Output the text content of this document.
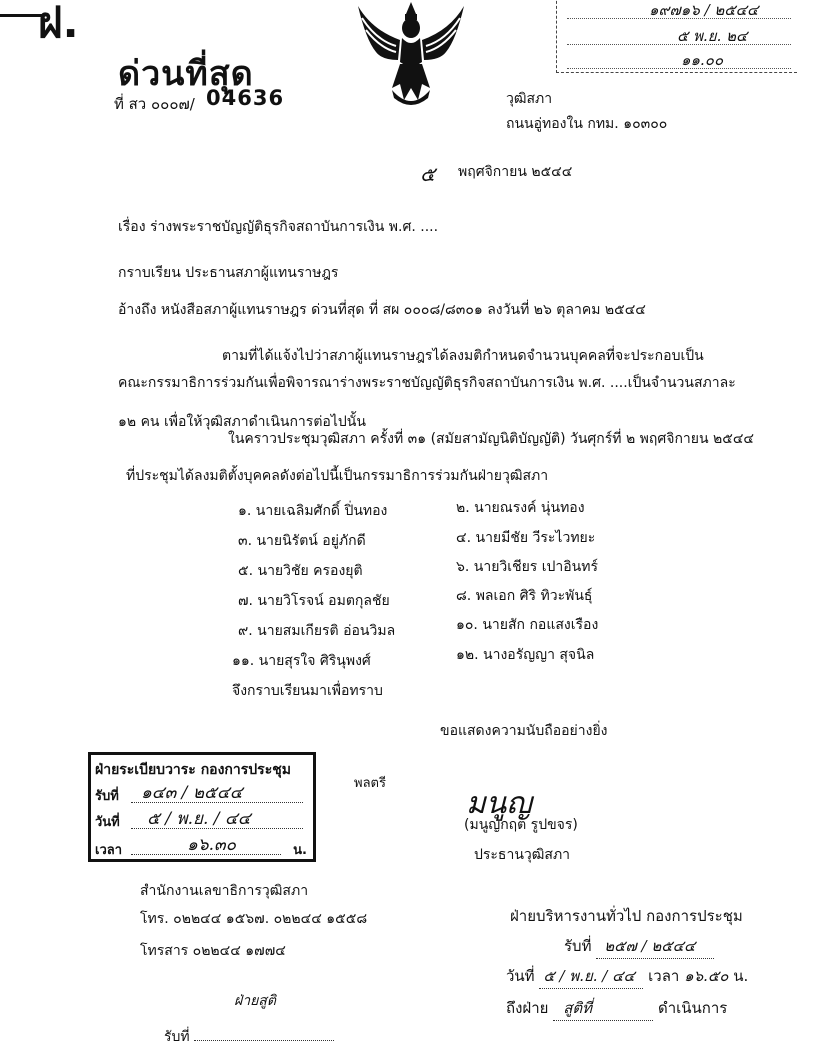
ฝ.
ด่วนที่สุด
ที่ สว ๐๐๐๗/ 04636
๑๙๗๑๖ / ๒๕๔๔
๕ พ.ย. ๒๔
๑๑.๐๐
วุฒิสภา
ถนนอู่ทองใน กทม. ๑๐๓๐๐
๕ พฤศจิกายน ๒๕๔๔
เรื่อง ร่างพระราชบัญญัติธุรกิจสถาบันการเงิน พ.ศ. ....
กราบเรียน ประธานสภาผู้แทนราษฎร
อ้างถึง หนังสือสภาผู้แทนราษฎร ด่วนที่สุด ที่ สผ ๐๐๐๘/๘๓๐๑ ลงวันที่ ๒๖ ตุลาคม ๒๕๔๔
ตามที่ได้แจ้งไปว่าสภาผู้แทนราษฎรได้ลงมติกำหนดจำนวนบุคคลที่จะประกอบเป็น
คณะกรรมาธิการร่วมกันเพื่อพิจารณาร่างพระราชบัญญัติธุรกิจสถาบันการเงิน พ.ศ. ....เป็นจำนวนสภาละ
๑๒ คน เพื่อให้วุฒิสภาดำเนินการต่อไปนั้น
ในคราวประชุมวุฒิสภา ครั้งที่ ๓๑ (สมัยสามัญนิติบัญญัติ) วันศุกร์ที่ ๒ พฤศจิกายน ๒๕๔๔
ที่ประชุมได้ลงมติตั้งบุคคลดังต่อไปนี้เป็นกรรมาธิการร่วมกันฝ่ายวุฒิสภา
๑. นายเฉลิมศักดิ์ ปิ่นทอง	๒. นายณรงค์ นุ่นทอง
๓. นายนิรัตน์ อยู่ภักดี	๔. นายมีชัย วีระไวทยะ
๕. นายวิชัย ครองยุติ	๖. นายวิเชียร เปาอินทร์
๗. นายวิโรจน์ อมตกุลชัย	๘. พลเอก ศิริ ทิวะพันธุ์
๙. นายสมเกียรติ อ่อนวิมล	๑๐. นายสัก กอแสงเรือง
๑๑. นายสุรใจ ศิรินุพงศ์	๑๒. นางอรัญญา สุจนิล
จึงกราบเรียนมาเพื่อทราบ
ขอแสดงความนับถืออย่างยิ่ง
ฝ่ายระเบียบวาระ กองการประชุม
รับที่ ๑๔๓ / ๒๕๔๔
วันที่ ๕ / พ.ย. / ๔๔
เวลา	๑๖.๓๐	น.
พลตรี
มนูญ
(มนูญกฤต รูปขจร)
ประธานวุฒิสภา
สำนักงานเลขาธิการวุฒิสภา
โทร. ๐๒๒๔๔ ๑๕๖๗. ๐๒๒๔๔ ๑๕๕๘
โทรสาร ๐๒๒๔๔ ๑๗๗๔
ฝ่ายบริหารงานทั่วไป กองการประชุม
รับที่ ๒๕๗ / ๒๕๔๔
วันที่ ๕ / พ.ย. / ๔๔ เวลา ๑๖.๕๐ น.
ถึงฝ่าย สูติที่	ดำเนินการ
ฝ่ายสูติ
รับที่
